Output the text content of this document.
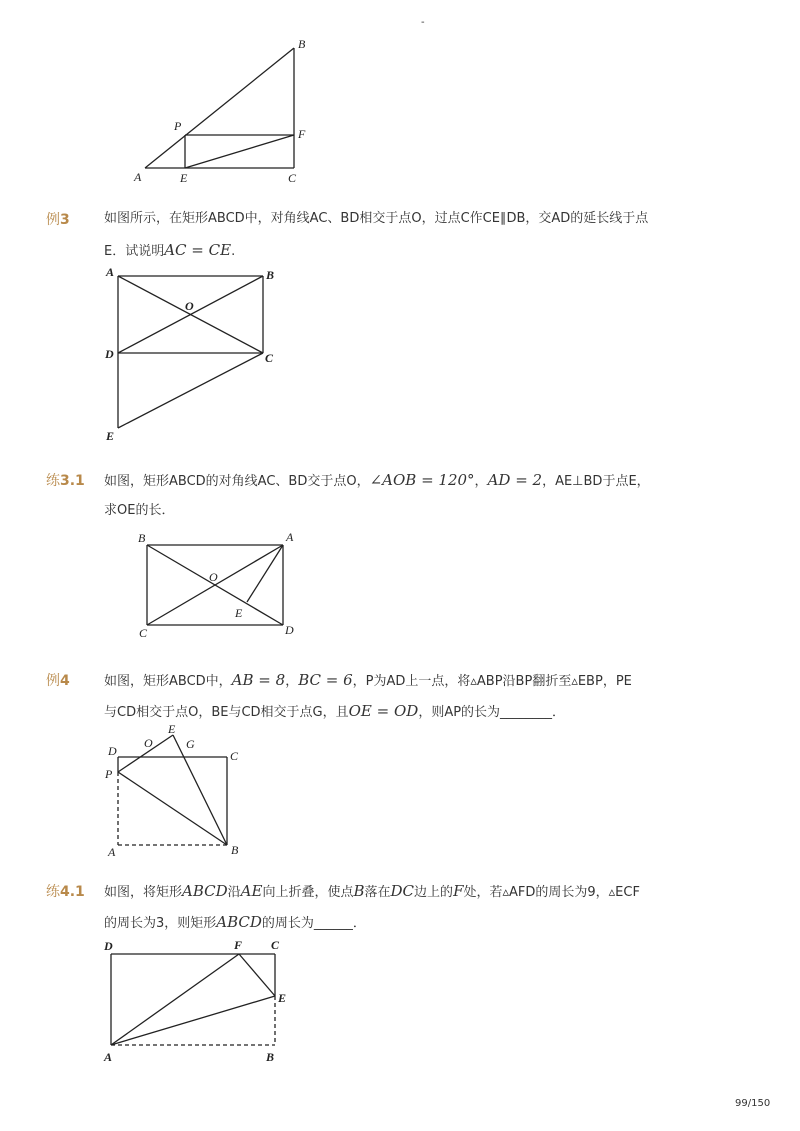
-
A
B
C
E
P
F
A	B
O
D	C
E
B	A
O
E
C	D
D
O
E
G
C
P
A	B
D	F C
E
A	B
例3	如图所示，在矩形ABCD中，对角线AC、BD相交于点O，过点C作CE∥DB，交AD的延长线于点
E．试说明AC = CE.
练3.1 如图，矩形ABCD的对角线AC、BD交于点O，∠AOB = 120°，AD = 2，AE⊥BD于点E，
求OE的长．
例4	如图，矩形ABCD中，AB = 8，BC = 6，P为AD上一点，将▵ABP沿BP翻折至▵EBP，PE
与CD相交于点O，BE与CD相交于点G，且OE = OD，则AP的长为________．
练4.1 如图，将矩形ABCD沿AE向上折叠，使点B落在DC边上的F处，若▵AFD的周长为9，▵ECF
的周长为3，则矩形ABCD的周长为______．
99/150
